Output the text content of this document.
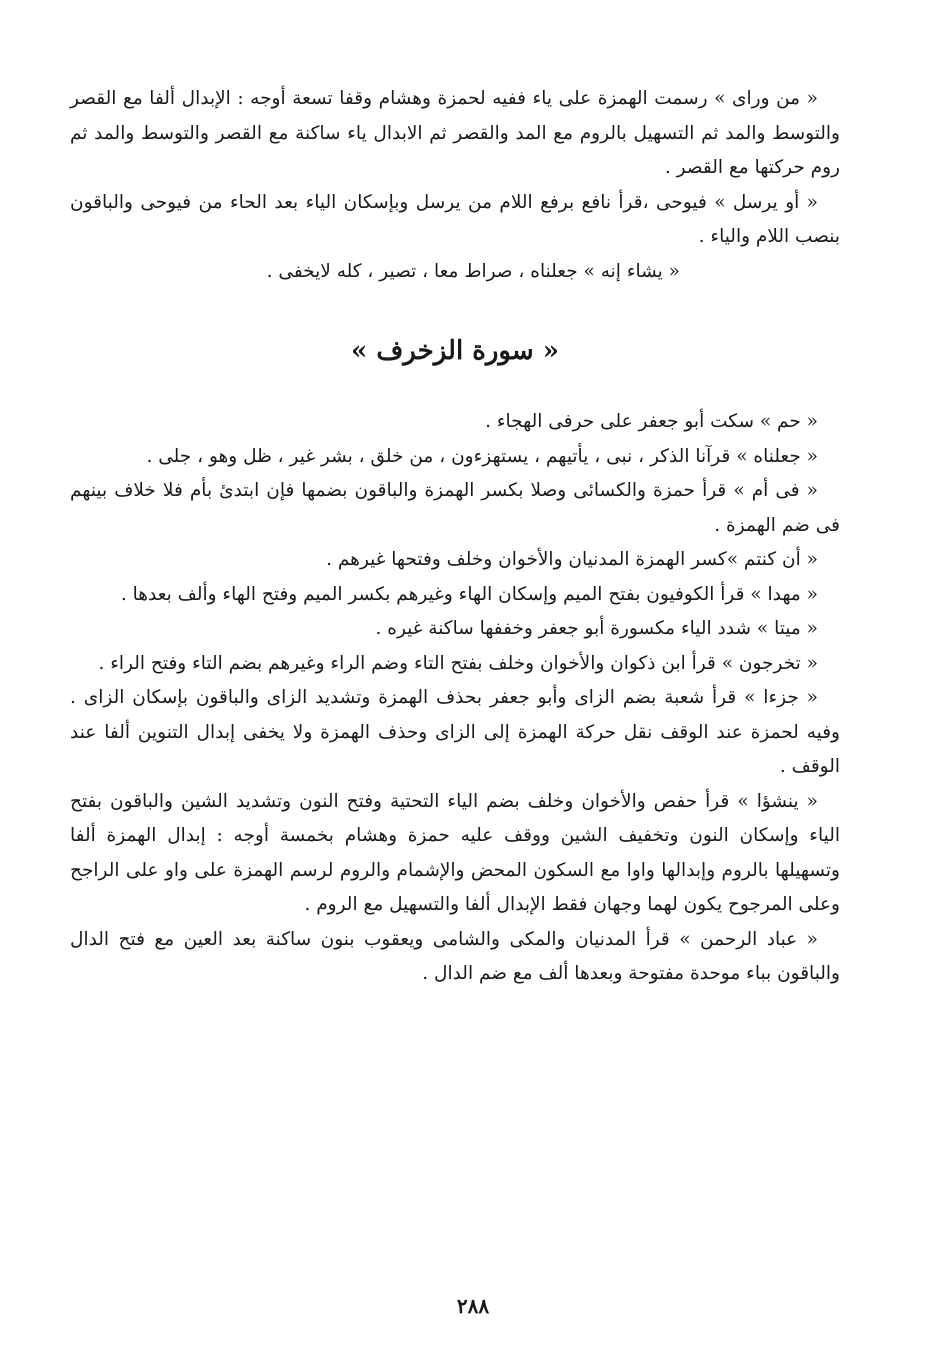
« من وراى » رسمت الهمزة على ياء ففيه لحمزة وهشام وقفا تسعة أوجه : الإبدال ألفا مع القصر والتوسط والمد ثم التسهيل بالروم مع المد والقصر ثم الابدال ياء ساكنة مع القصر والتوسط والمد ثم روم حركتها مع القصر .

« أو يرسل » فيوحى ،قرأ نافع برفع اللام من يرسل وبإسكان الياء بعد الحاء من فيوحى والباقون بنصب اللام والياء .

« يشاء إنه » جعلناه ، صراط معا ، تصير ، كله لايخفى .

« سورة الزخرف »

« حم » سكت أبو جعفر على حرفى الهجاء .

« جعلناه » قرآنا الذكر ، نبى ، يأتيهم ، يستهزءون ، من خلق ، بشر غير ، ظل وهو ، جلى .

« فى أم » قرأ حمزة والكسائى وصلا بكسر الهمزة والباقون بضمها فإن ابتدئ بأم فلا خلاف بينهم فى ضم الهمزة .

« أن كنتم »كسر الهمزة المدنيان والأخوان وخلف وفتحها غيرهم .

« مهدا » قرأ الكوفيون بفتح الميم وإسكان الهاء وغيرهم بكسر الميم وفتح الهاء وألف بعدها .

« ميتا » شدد الياء مكسورة أبو جعفر وخففها ساكنة غيره .

« تخرجون » قرأ ابن ذكوان والأخوان وخلف بفتح التاء وضم الراء وغيرهم بضم التاء وفتح الراء .

« جزءا » قرأ شعبة بضم الزاى وأبو جعفر بحذف الهمزة وتشديد الزاى والباقون بإسكان الزاى . وفيه لحمزة عند الوقف نقل حركة الهمزة إلى الزاى وحذف الهمزة ولا يخفى إبدال التنوين ألفا عند الوقف .

« ينشؤا » قرأ حفص والأخوان وخلف بضم الياء التحتية وفتح النون وتشديد الشين والباقون بفتح الياء وإسكان النون وتخفيف الشين ووقف عليه حمزة وهشام بخمسة أوجه : إبدال الهمزة ألفا وتسهيلها بالروم وإبدالها واوا مع السكون المحض والإشمام والروم لرسم الهمزة على واو على الراجح وعلى المرجوح يكون لهما وجهان فقط الإبدال ألفا والتسهيل مع الروم .

« عباد الرحمن » قرأ المدنيان والمكى والشامى ويعقوب بنون ساكنة بعد العين مع فتح الدال والباقون بباء موحدة مفتوحة وبعدها ألف مع ضم الدال .

٢٨٨
